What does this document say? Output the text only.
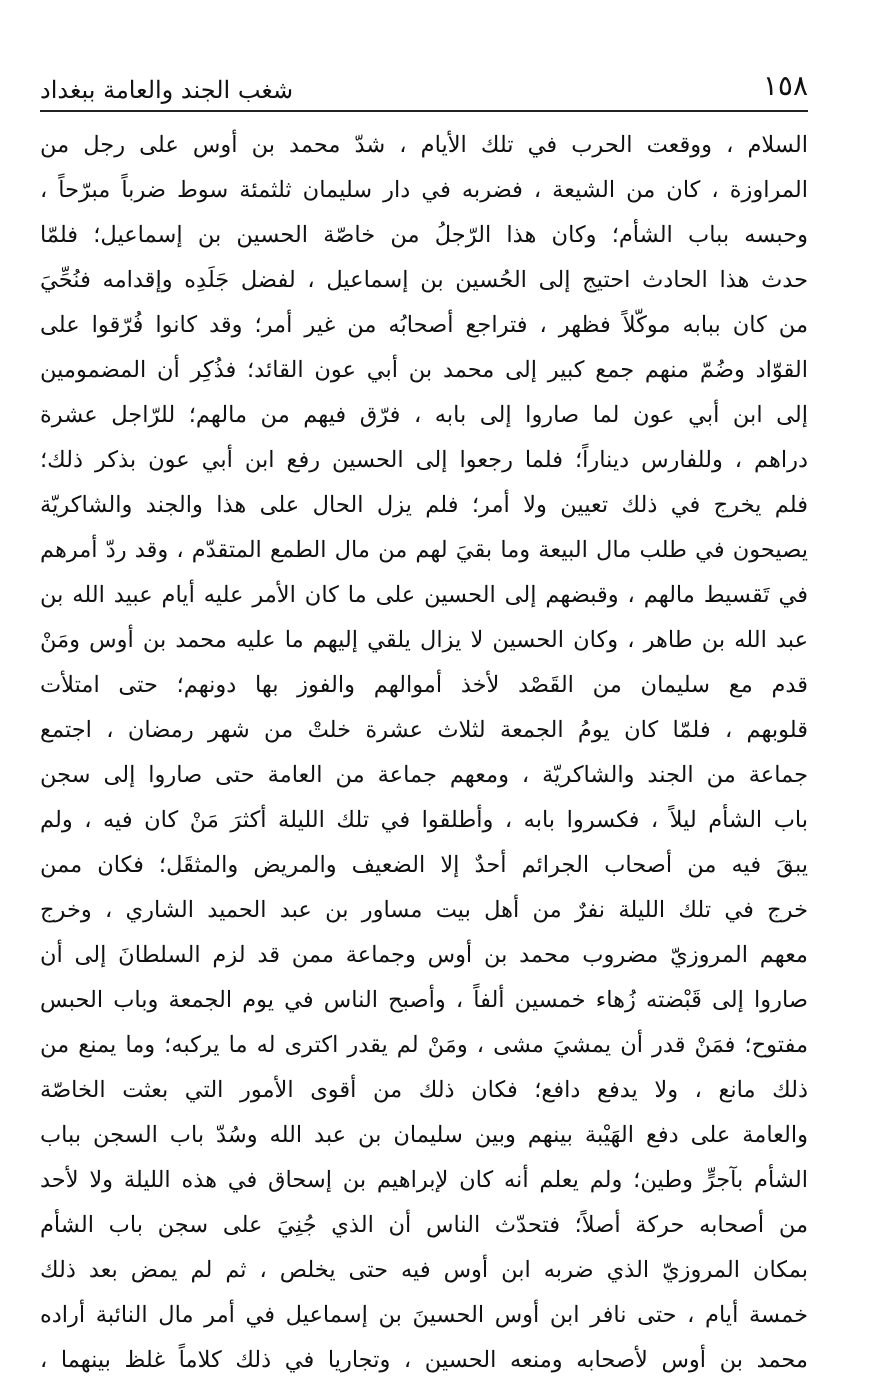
١٥٨
شغب الجند والعامة ببغداد
السلام ، ووقعت الحرب في تلك الأيام ، شدّ محمد بن أوس على رجل من
المراوزة ، كان من الشيعة ، فضربه في دار سليمان ثلثمئة سوط ضرباً مبرّحاً ،
وحبسه بباب الشأم؛ وكان هذا الرّجلُ من خاصّة الحسين بن إسماعيل؛ فلمّا
حدث هذا الحادث احتيج إلى الحُسين بن إسماعيل ، لفضل جَلَدِه وإقدامه فنُحِّيَ
من كان ببابه موكّلاً فظهر ، فتراجع أصحابُه من غير أمر؛ وقد كانوا فُرّقوا على
القوّاد وضُمّ منهم جمع كبير إلى محمد بن أبي عون القائد؛ فذُكِر أن المضمومين
إلى ابن أبي عون لما صاروا إلى بابه ، فرّق فيهم من مالهم؛ للرّاجل عشرة
دراهم ، وللفارس ديناراً؛ فلما رجعوا إلى الحسين رفع ابن أبي عون بذكر ذلك؛
فلم يخرج في ذلك تعيين ولا أمر؛ فلم يزل الحال على هذا والجند والشاكريّة
يصيحون في طلب مال البيعة وما بقيَ لهم من مال الطمع المتقدّم ، وقد ردّ أمرهم
في تَقسيط مالهم ، وقبضهم إلى الحسين على ما كان الأمر عليه أيام عبيد الله بن
عبد الله بن طاهر ، وكان الحسين لا يزال يلقي إليهم ما عليه محمد بن أوس ومَنْ
قدم مع سليمان من القَصْد لأخذ أموالهم والفوز بها دونهم؛ حتى امتلأت
قلوبهم ، فلمّا كان يومُ الجمعة لثلاث عشرة خلتْ من شهر رمضان ، اجتمع
جماعة من الجند والشاكريّة ، ومعهم جماعة من العامة حتى صاروا إلى سجن
باب الشأم ليلاً ، فكسروا بابه ، وأطلقوا في تلك الليلة أكثرَ مَنْ كان فيه ، ولم
يبقَ فيه من أصحاب الجرائم أحدٌ إلا الضعيف والمريض والمثقَل؛ فكان ممن
خرج في تلك الليلة نفرٌ من أهل بيت مساور بن عبد الحميد الشاري ، وخرج
معهم المروزيّ مضروب محمد بن أوس وجماعة ممن قد لزم السلطانَ إلى أن
صاروا إلى قَبْضته زُهاء خمسين ألفاً ، وأصبح الناس في يوم الجمعة وباب الحبس
مفتوح؛ فمَنْ قدر أن يمشيَ مشى ، ومَنْ لم يقدر اكترى له ما يركبه؛ وما يمنع من
ذلك مانع ، ولا يدفع دافع؛ فكان ذلك من أقوى الأمور التي بعثت الخاصّة
والعامة على دفع الهَيْبة بينهم وبين سليمان بن عبد الله وسُدّ باب السجن بباب
الشأم بآجرٍّ وطين؛ ولم يعلم أنه كان لإبراهيم بن إسحاق في هذه الليلة ولا لأحد
من أصحابه حركة أصلاً؛ فتحدّث الناس أن الذي جُنِيَ على سجن باب الشأم
بمكان المروزيّ الذي ضربه ابن أوس فيه حتى يخلص ، ثم لم يمض بعد ذلك
خمسة أيام ، حتى نافر ابن أوس الحسينَ بن إسماعيل في أمر مال النائبة أراده
محمد بن أوس لأصحابه ومنعه الحسين ، وتجاريا في ذلك كلاماً غلظ بينهما ،
